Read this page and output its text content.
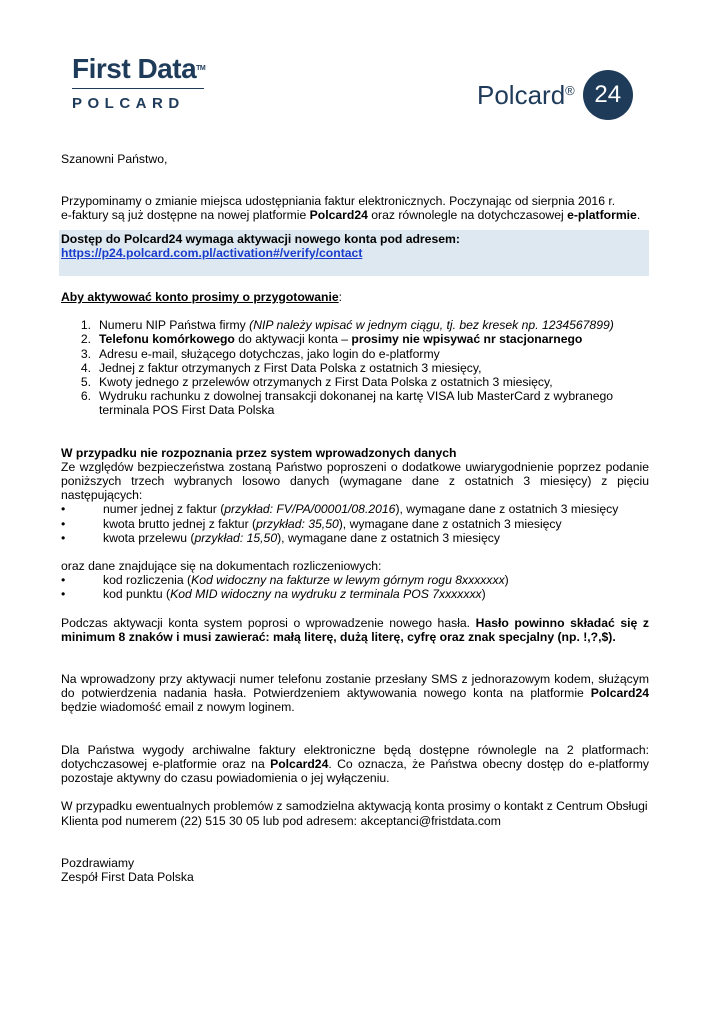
First DataTM
POLCARD	Polcard® 24

Szanowni Państwo,

Przypominamy o zmianie miejsca udostępniania faktur elektronicznych. Poczynając od sierpnia 2016 r.
e-faktury są już dostępne na nowej platformie Polcard24 oraz równolegle na dotychczasowej e-platformie.

Dostęp do Polcard24 wymaga aktywacji nowego konta pod adresem:

https://p24.polcard.com.pl/activation#/verify/contact

Aby aktywować konto prosimy o przygotowanie:

1. Numeru NIP Państwa firmy (NIP należy wpisać w jednym ciągu, tj. bez kresek np. 1234567899)
2. Telefonu komórkowego do aktywacji konta – prosimy nie wpisywać nr stacjonarnego
3. Adresu e-mail, służącego dotychczas, jako login do e-platformy
4. Jednej z faktur otrzymanych z First Data Polska z ostatnich 3 miesięcy,
5. Kwoty jednego z przelewów otrzymanych z First Data Polska z ostatnich 3 miesięcy,
6. Wydruku rachunku z dowolnej transakcji dokonanej na kartę VISA lub MasterCard z wybranego terminala POS First Data Polska

W przypadku nie rozpoznania przez system wprowadzonych danych

Ze względów bezpieczeństwa zostaną Państwo poproszeni o dodatkowe uwiarygodnienie poprzez podanie poniższych trzech wybranych losowo danych (wymagane dane z ostatnich 3 miesięcy) z pięciu następujących:

•	numer jednej z faktur (przykład: FV/PA/00001/08.2016), wymagane dane z ostatnich 3 miesięcy
•	kwota brutto jednej z faktur (przykład: 35,50), wymagane dane z ostatnich 3 miesięcy
•	kwota przelewu (przykład: 15,50), wymagane dane z ostatnich 3 miesięcy

oraz dane znajdujące się na dokumentach rozliczeniowych:

•	kod rozliczenia (Kod widoczny na fakturze w lewym górnym rogu 8xxxxxxx)
•	kod punktu (Kod MID widoczny na wydruku z terminala POS 7xxxxxxx)

Podczas aktywacji konta system poprosi o wprowadzenie nowego hasła. Hasło powinno składać się z minimum 8 znaków i musi zawierać: małą literę, dużą literę, cyfrę oraz znak specjalny (np. !,?,$).

Na wprowadzony przy aktywacji numer telefonu zostanie przesłany SMS z jednorazowym kodem, służącym do potwierdzenia nadania hasła. Potwierdzeniem aktywowania nowego konta na platformie Polcard24 będzie wiadomość email z nowym loginem.

Dla Państwa wygody archiwalne faktury elektroniczne będą dostępne równolegle na 2 platformach: dotychczasowej e-platformie oraz na Polcard24. Co oznacza, że Państwa obecny dostęp do e-platformy pozostaje aktywny do czasu powiadomienia o jej wyłączeniu.

W przypadku ewentualnych problemów z samodzielna aktywacją konta prosimy o kontakt z Centrum Obsługi Klienta pod numerem (22) 515 30 05 lub pod adresem: akceptanci@fristdata.com

Pozdrawiamy

Zespół First Data Polska
